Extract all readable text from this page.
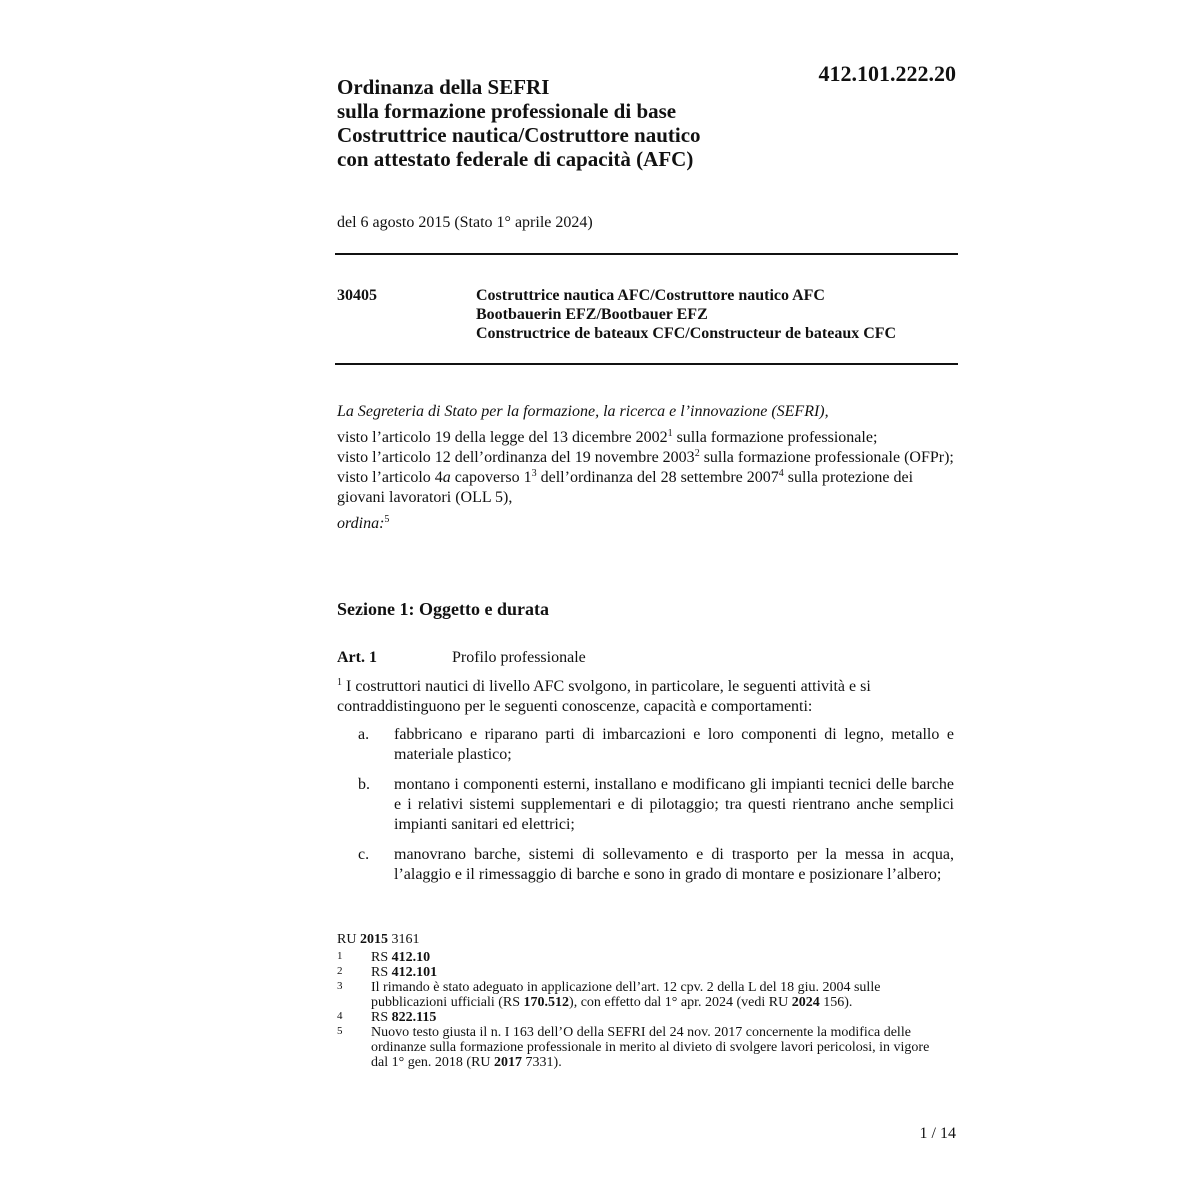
412.101.222.20
Ordinanza della SEFRI
sulla formazione professionale di base
Costruttrice nautica/Costruttore nautico
con attestato federale di capacità (AFC)
del 6 agosto 2015 (Stato 1° aprile 2024)
30405	Costruttrice nautica AFC/Costruttore nautico AFC
Bootbauerin EFZ/Bootbauer EFZ
Constructrice de bateaux CFC/Constructeur de bateaux CFC
La Segreteria di Stato per la formazione, la ricerca e l’innovazione (SEFRI),
visto l’articolo 19 della legge del 13 dicembre 2002$^1$ sulla formazione professionale;
visto l’articolo 12 dell’ordinanza del 19 novembre 2003$^2$ sulla formazione professionale (OFPr);
visto l’articolo 4a capoverso $1^3$ dell’ordinanza del 28 settembre 2007$^4$ sulla protezione dei giovani lavoratori (OLL 5),
ordina:$^5$
Sezione 1: Oggetto e durata
Art. 1	Profilo professionale
$^1$ I costruttori nautici di livello AFC svolgono, in particolare, le seguenti attività e si contraddistinguono per le seguenti conoscenze, capacità e comportamenti:
a.	fabbricano e riparano parti di imbarcazioni e loro componenti di legno, metallo e materiale plastico;
b.	montano i componenti esterni, installano e modificano gli impianti tecnici delle barche e i relativi sistemi supplementari e di pilotaggio; tra questi rientrano anche semplici impianti sanitari ed elettrici;
c.	manovrano barche, sistemi di sollevamento e di trasporto per la messa in acqua, l’alaggio e il rimessaggio di barche e sono in grado di montare e posizionare l’albero;
RU 2015 3161
1	RS 412.10
2	RS 412.101
3	Il rimando è stato adeguato in applicazione dell’art. 12 cpv. 2 della L del 18 giu. 2004 sulle pubblicazioni ufficiali (RS 170.512), con effetto dal 1° apr. 2024 (vedi RU 2024 156).
4	RS 822.115
5	Nuovo testo giusta il n. I 163 dell’O della SEFRI del 24 nov. 2017 concernente la modifica delle ordinanze sulla formazione professionale in merito al divieto di svolgere lavori pericolosi, in vigore dal 1° gen. 2018 (RU 2017 7331).
1 / 14
